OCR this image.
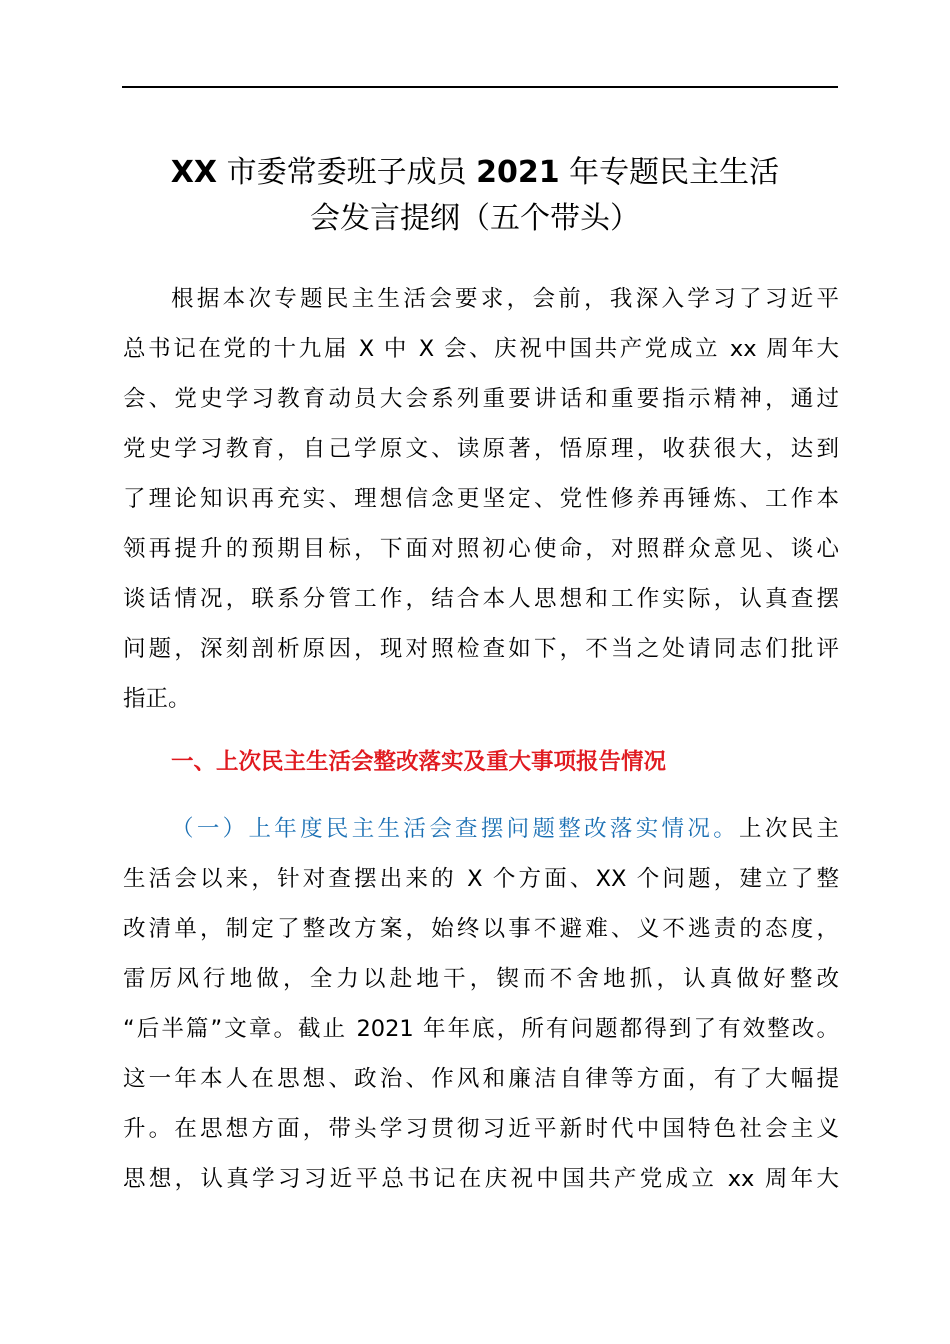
XX 市委常委班子成员 2021 年专题民主生活
会发言提纲（五个带头）
根据本次专题民主生活会要求，会前，我深入学习了习近平
总书记在党的十九届 X 中 X 会、庆祝中国共产党成立 xx 周年大
会、党史学习教育动员大会系列重要讲话和重要指示精神，通过
党史学习教育，自己学原文、读原著，悟原理，收获很大，达到
了理论知识再充实、理想信念更坚定、党性修养再锤炼、工作本
领再提升的预期目标，下面对照初心使命，对照群众意见、谈心
谈话情况，联系分管工作，结合本人思想和工作实际，认真查摆
问题，深刻剖析原因，现对照检查如下，不当之处请同志们批评
指正。
一、上次民主生活会整改落实及重大事项报告情况
（一）上年度民主生活会查摆问题整改落实情况。上次民主
生活会以来，针对查摆出来的 X 个方面、XX 个问题，建立了整
改清单，制定了整改方案，始终以事不避难、义不逃责的态度，
雷厉风行地做，全力以赴地干，锲而不舍地抓，认真做好整改
“后半篇”文章。截止 2021 年年底，所有问题都得到了有效整改。
这一年本人在思想、政治、作风和廉洁自律等方面，有了大幅提
升。在思想方面，带头学习贯彻习近平新时代中国特色社会主义
思想，认真学习习近平总书记在庆祝中国共产党成立 xx 周年大
